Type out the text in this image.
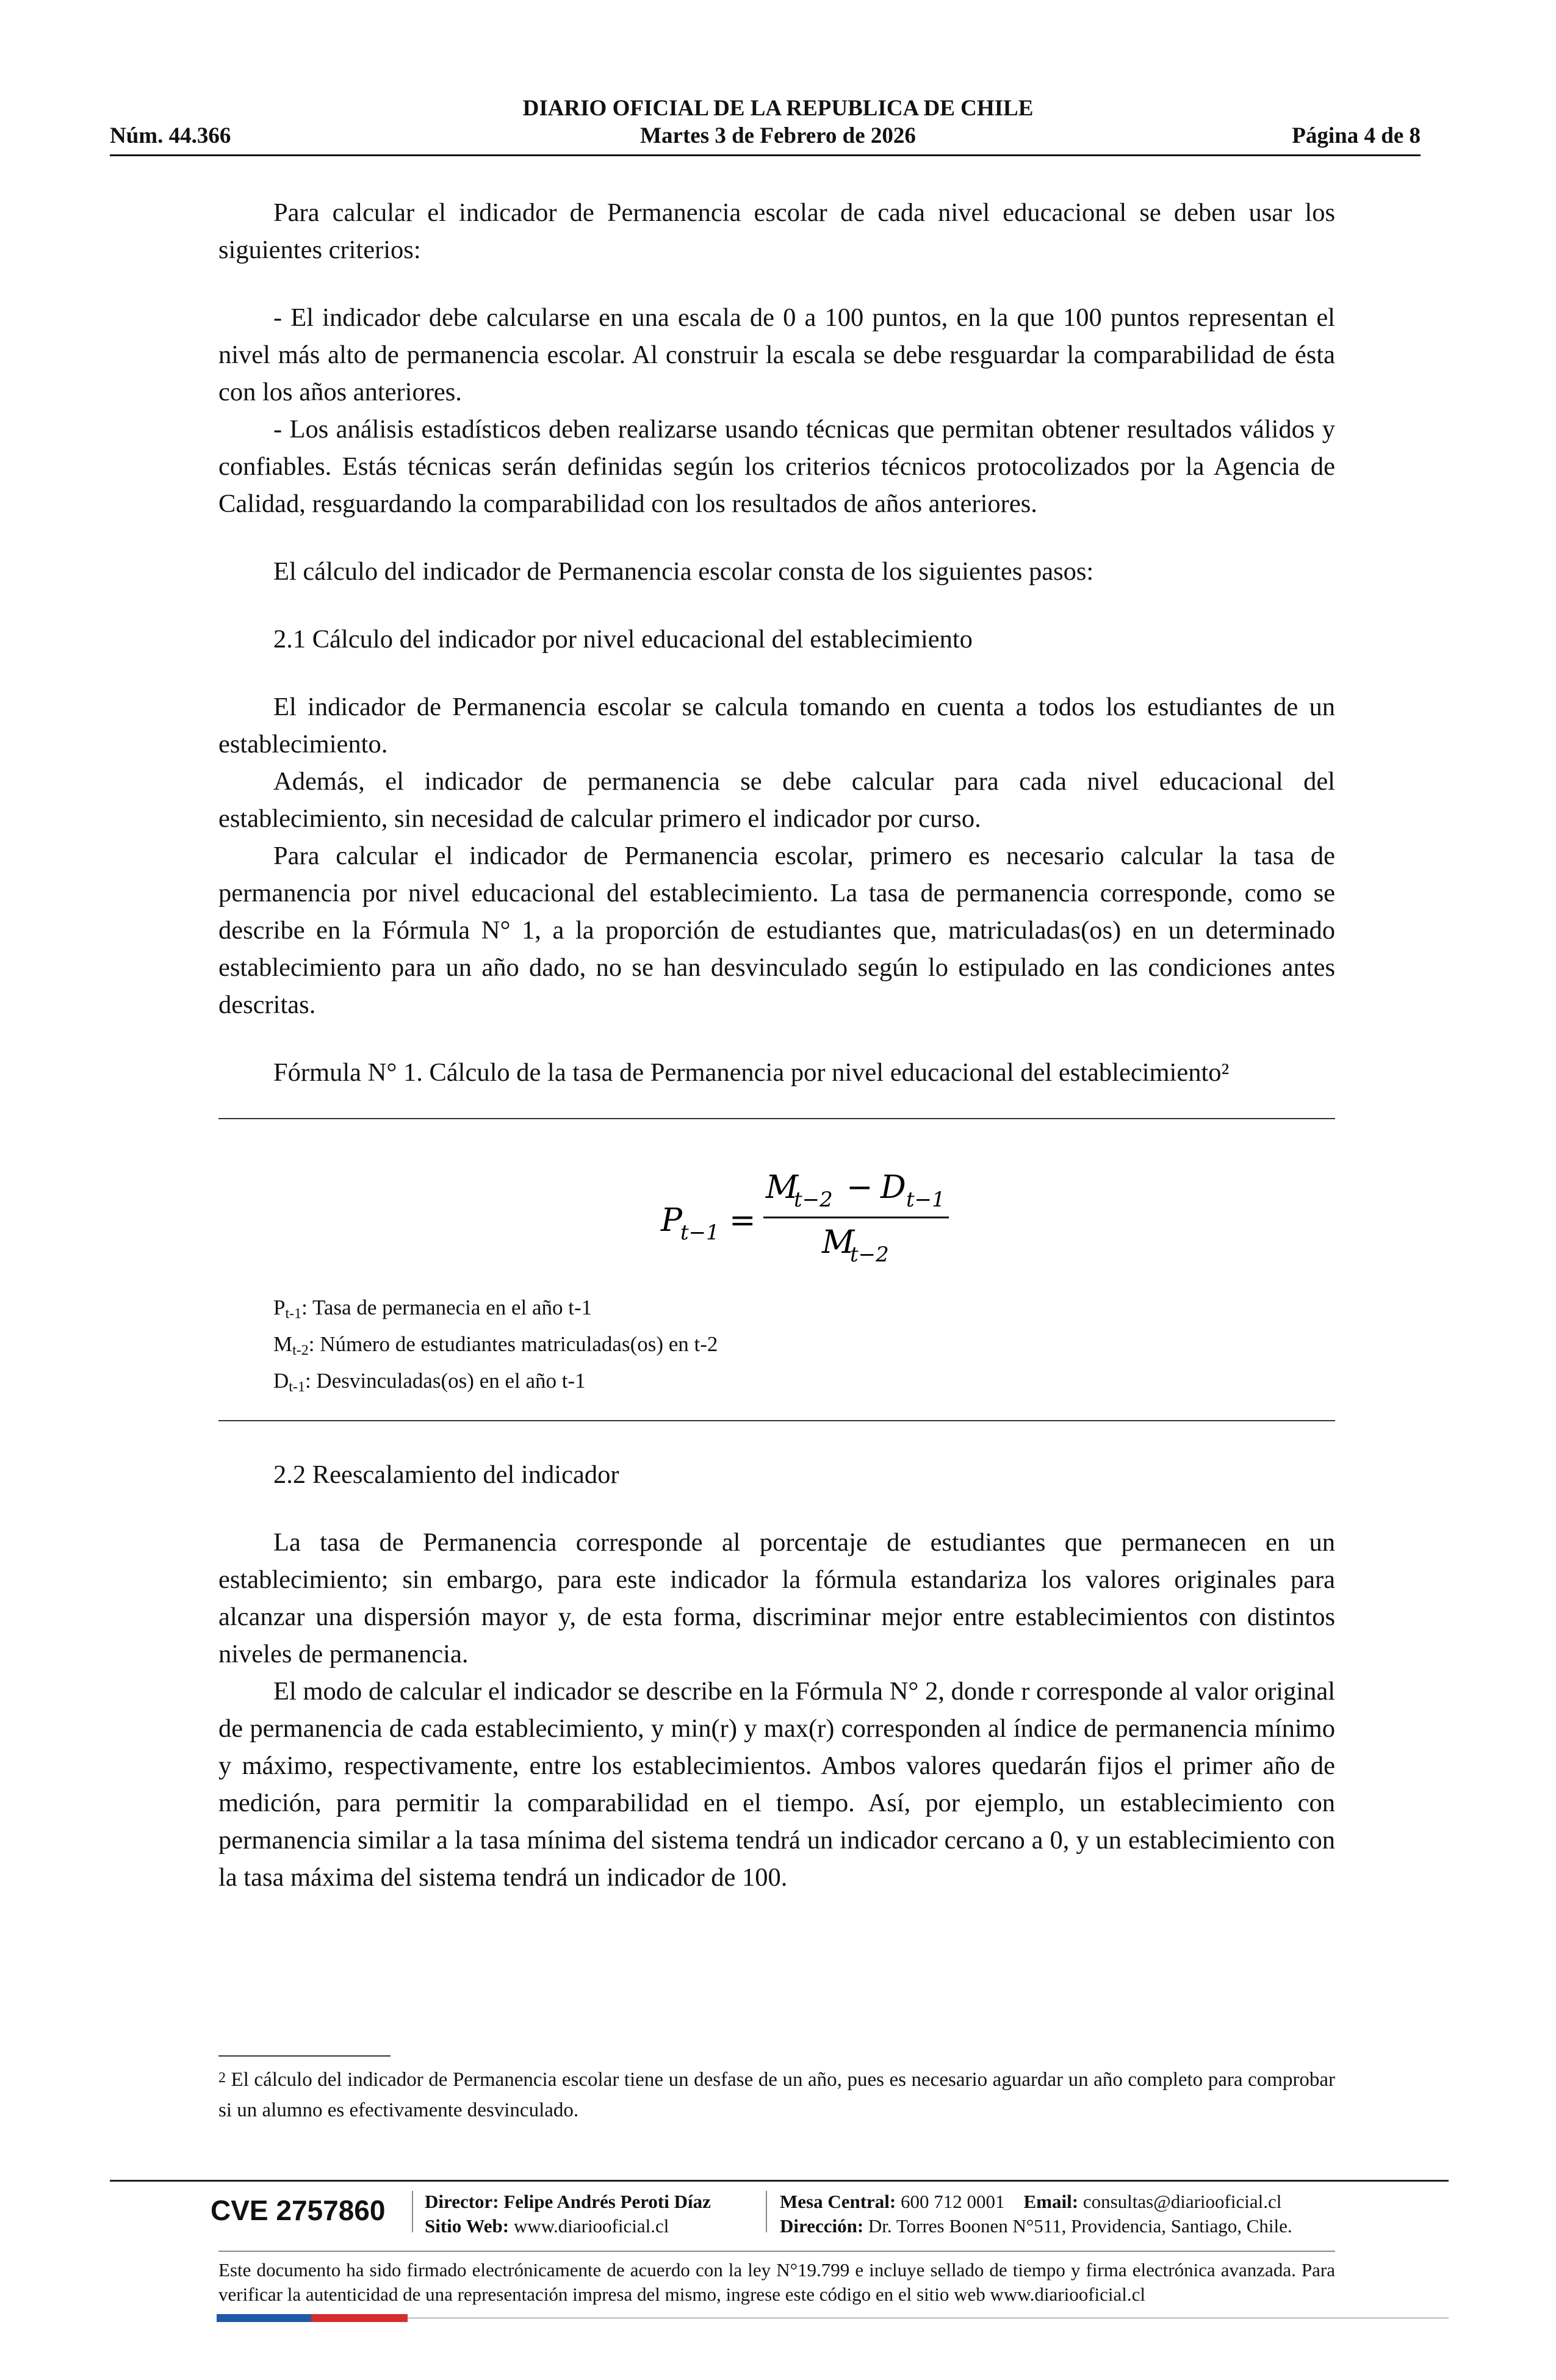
DIARIO OFICIAL DE LA REPUBLICA DE CHILE
Núm. 44.366	Martes 3 de Febrero de 2026	Página 4 de 8

Para calcular el indicador de Permanencia escolar de cada nivel educacional se deben usar los siguientes criterios:

- El indicador debe calcularse en una escala de 0 a 100 puntos, en la que 100 puntos representan el nivel más alto de permanencia escolar. Al construir la escala se debe resguardar la comparabilidad de ésta con los años anteriores.

- Los análisis estadísticos deben realizarse usando técnicas que permitan obtener resultados válidos y confiables. Estás técnicas serán definidas según los criterios técnicos protocolizados por la Agencia de Calidad, resguardando la comparabilidad con los resultados de años anteriores.

El cálculo del indicador de Permanencia escolar consta de los siguientes pasos:

2.1 Cálculo del indicador por nivel educacional del establecimiento

El indicador de Permanencia escolar se calcula tomando en cuenta a todos los estudiantes de un establecimiento.

Además, el indicador de permanencia se debe calcular para cada nivel educacional del establecimiento, sin necesidad de calcular primero el indicador por curso.

Para calcular el indicador de Permanencia escolar, primero es necesario calcular la tasa de permanencia por nivel educacional del establecimiento. La tasa de permanencia corresponde, como se describe en la Fórmula N° 1, a la proporción de estudiantes que, matriculadas(os) en un determinado establecimiento para un año dado, no se han desvinculado según lo estipulado en las condiciones antes descritas.

Fórmula N° 1. Cálculo de la tasa de Permanencia por nivel educacional del establecimiento²

P
t−1 =
M
t−2 − D t−1
M
t−2
$P_{t-1}$: Tasa de permanecia en el año t-1
$M_{t-2}$: Número de estudiantes matriculadas(os) en t-2
$D_{t-1}$: Desvinculadas(os) en el año t-1

2.2 Reescalamiento del indicador

La tasa de Permanencia corresponde al porcentaje de estudiantes que permanecen en un establecimiento; sin embargo, para este indicador la fórmula estandariza los valores originales para alcanzar una dispersión mayor y, de esta forma, discriminar mejor entre establecimientos con distintos niveles de permanencia.

El modo de calcular el indicador se describe en la Fórmula N° 2, donde r corresponde al valor original de permanencia de cada establecimiento, y min(r) y max(r) corresponden al índice de permanencia mínimo y máximo, respectivamente, entre los establecimientos. Ambos valores quedarán fijos el primer año de medición, para permitir la comparabilidad en el tiempo. Así, por ejemplo, un establecimiento con permanencia similar a la tasa mínima del sistema tendrá un indicador cercano a 0, y un establecimiento con la tasa máxima del sistema tendrá un indicador de 100.

$^2$ El cálculo del indicador de Permanencia escolar tiene un desfase de un año, pues es necesario aguardar un año completo para comprobar si un alumno es efectivamente desvinculado.
CVE 2757860 Director: Felipe Andrés Peroti Díaz
Sitio Web: www.diariooficial.cl
Mesa Central: 600 712 0001 Email: consultas@diariooficial.cl
Dirección: Dr. Torres Boonen N°511, Providencia, Santiago, Chile.
Este documento ha sido firmado electrónicamente de acuerdo con la ley N°19.799 e incluye sellado de tiempo y firma electrónica avanzada. Para verificar la autenticidad de una representación impresa del mismo, ingrese este código en el sitio web www.diariooficial.cl
